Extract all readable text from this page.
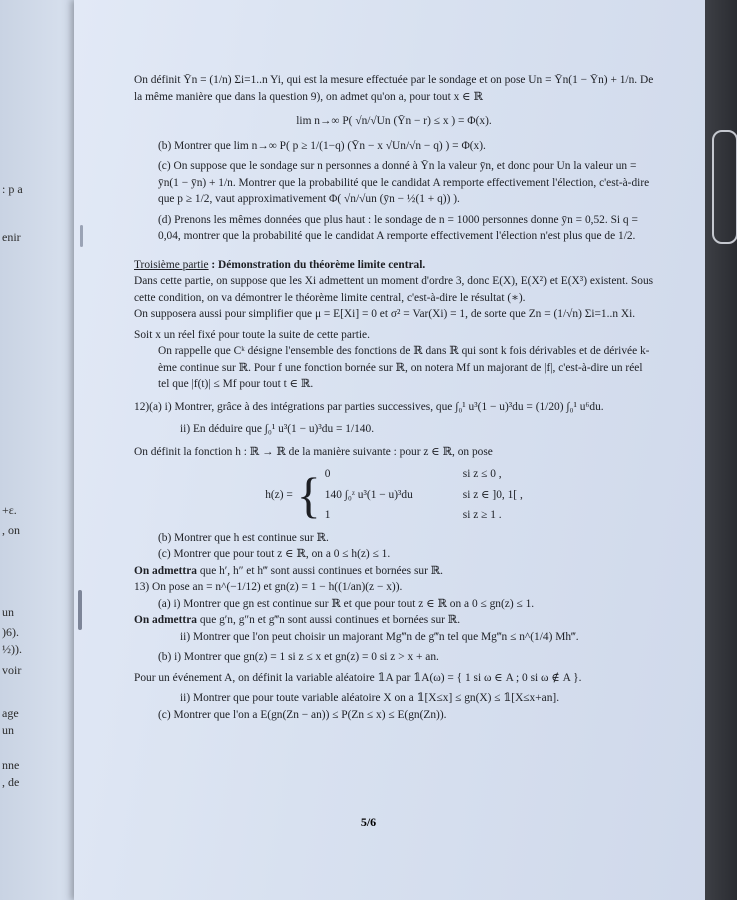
: p a
enir
+ε.
, on
un
)6).
½)).
voir
age
un
nne
, de

On définit Ȳn = (1/n) Σi=1..n Yi, qui est la mesure effectuée par le sondage et on pose Un = Ȳn(1 − Ȳn) + 1/n. De la même manière que dans la question 9), on admet qu'on a, pour tout x ∈ ℝ

lim n→∞ P( √n/√Un (Ȳn − r) ≤ x ) = Φ(x).

(b) Montrer que lim n→∞ P( p ≥ 1/(1−q) (Ȳn − x √Un/√n − q) ) = Φ(x).

(c) On suppose que le sondage sur n personnes a donné à Ȳn la valeur ȳn, et donc pour Un la valeur un = ȳn(1 − ȳn) + 1/n. Montrer que la probabilité que le candidat A remporte effectivement l'élection, c'est-à-dire que p ≥ 1/2, vaut approximativement Φ( √n/√un (ȳn − ½(1 + q)) ).

(d) Prenons les mêmes données que plus haut : le sondage de n = 1000 personnes donne ȳn = 0,52. Si q = 0,04, montrer que la probabilité que le candidat A remporte effectivement l'élection n'est plus que de 1/2.

Troisième partie : Démonstration du théorème limite central.

Dans cette partie, on suppose que les Xi admettent un moment d'ordre 3, donc E(X), E(X²) et E(X³) existent. Sous cette condition, on va démontrer le théorème limite central, c'est-à-dire le résultat (∗).

On supposera aussi pour simplifier que μ = E[Xi] = 0 et σ² = Var(Xi) = 1, de sorte que Zn = (1/√n) Σi=1..n Xi.

Soit x un réel fixé pour toute la suite de cette partie.

On rappelle que Cᵏ désigne l'ensemble des fonctions de ℝ dans ℝ qui sont k fois dérivables et de dérivée k-ème continue sur ℝ. Pour f une fonction bornée sur ℝ, on notera Mf un majorant de |f|, c'est-à-dire un réel tel que |f(t)| ≤ Mf pour tout t ∈ ℝ.

12)(a) i) Montrer, grâce à des intégrations par parties successives, que ∫₀¹ u³(1 − u)³du = (1/20) ∫₀¹ u⁶du.

ii) En déduire que ∫₀¹ u³(1 − u)³du = 1/140.

On définit la fonction h : ℝ → ℝ de la manière suivante : pour z ∈ ℝ, on pose

h(z) = { 0	si z ≤ 0 ,
140 ∫₀ᶻ u³(1 − u)³du	si z ∈ ]0, 1[ ,
1	si z ≥ 1 .

(b) Montrer que h est continue sur ℝ.

(c) Montrer que pour tout z ∈ ℝ, on a 0 ≤ h(z) ≤ 1.

On admettra que h′, h″ et h‴ sont aussi continues et bornées sur ℝ.

13) On pose an = n^(−1/12) et gn(z) = 1 − h((1/an)(z − x)).

(a) i) Montrer que gn est continue sur ℝ et que pour tout z ∈ ℝ on a 0 ≤ gn(z) ≤ 1.

On admettra que g′n, g″n et g‴n sont aussi continues et bornées sur ℝ.

ii) Montrer que l'on peut choisir un majorant Mg‴n de g‴n tel que Mg‴n ≤ n^(1/4) Mh‴.

(b) i) Montrer que gn(z) = 1 si z ≤ x et gn(z) = 0 si z > x + an.

Pour un événement A, on définit la variable aléatoire 𝟙A par 𝟙A(ω) = { 1 si ω ∈ A ; 0 si ω ∉ A }.

ii) Montrer que pour toute variable aléatoire X on a 𝟙[X≤x] ≤ gn(X) ≤ 𝟙[X≤x+an].

(c) Montrer que l'on a E(gn(Zn − an)) ≤ P(Zn ≤ x) ≤ E(gn(Zn)).

5/6
